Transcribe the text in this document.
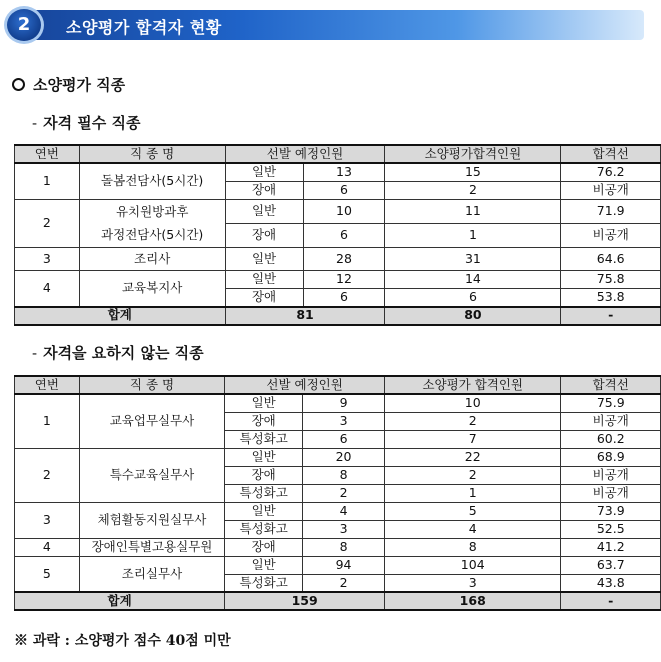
2	소양평가 합격자 현황
소양평가 직종
- 자격 필수 직종
연번	직 종 명	선발 예정인원		소양평가합격인원	합격선
1	돌봄전담사(5시간)	일반	13	15	76.2
		장애	6	2	비공개
2	유치원방과후
과정전담사(5시간)	일반	10	11	71.9
		장애	6	1	비공개
3	조리사	일반	28	31	64.6
4	교육복지사	일반	12	14	75.8
		장애	6	6	53.8
합계		81		80	-
- 자격을 요하지 않는 직종
연번	직 종 명	선발 예정인원		소양평가 합격인원	합격선
1	교육업무실무사	일반	9	10	75.9
		장애	3	2	비공개
		특성화고	6	7	60.2
2	특수교육실무사	일반	20	22	68.9
		장애	8	2	비공개
		특성화고	2	1	비공개
3	체험활동지원실무사	일반	4	5	73.9
		특성화고	3	4	52.5
4	장애인특별고용실무원	장애	8	8	41.2
5	조리실무사	일반	94	104	63.7
		특성화고	2	3	43.8
합계		159		168	-
※ 과락 : 소양평가 점수 40점 미만
